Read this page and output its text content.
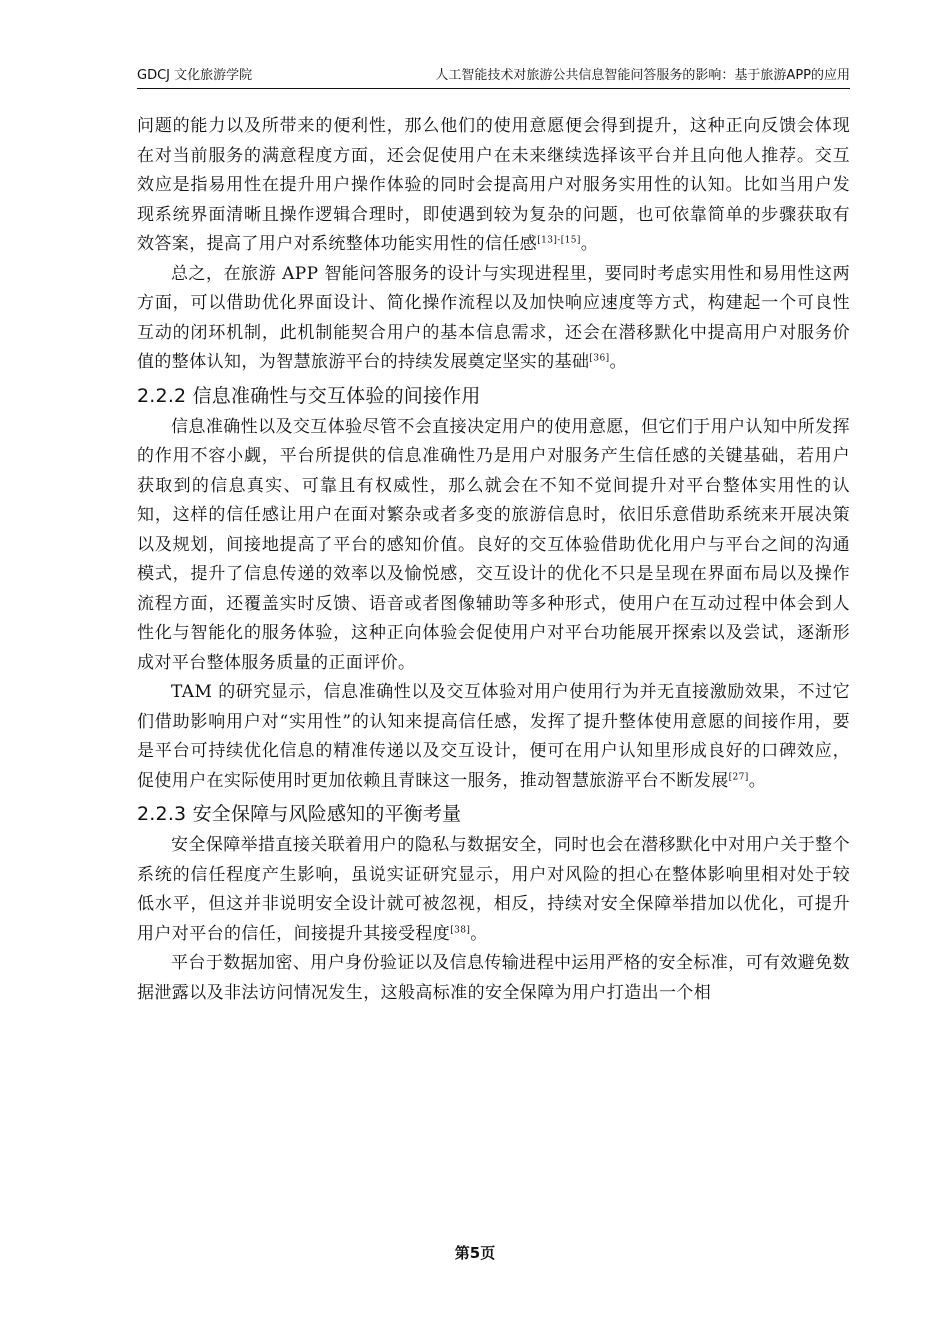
GDCJ 文化旅游学院	人工智能技术对旅游公共信息智能问答服务的影响：基于旅游APP的应用

问题的能力以及所带来的便利性，那么他们的使用意愿便会得到提升，这种正向反馈会体现在对当前服务的满意程度方面，还会促使用户在未来继续选择该平台并且向他人推荐。交互效应是指易用性在提升用户操作体验的同时会提高用户对服务实用性的认知。比如当用户发现系统界面清晰且操作逻辑合理时，即使遇到较为复杂的问题，也可依靠简单的步骤获取有效答案，提高了用户对系统整体功能实用性的信任感[13]-[15]。

总之，在旅游 APP 智能问答服务的设计与实现进程里，要同时考虑实用性和易用性这两方面，可以借助优化界面设计、简化操作流程以及加快响应速度等方式，构建起一个可良性互动的闭环机制，此机制能契合用户的基本信息需求，还会在潜移默化中提高用户对服务价值的整体认知，为智慧旅游平台的持续发展奠定坚实的基础[36]。

2.2.2 信息准确性与交互体验的间接作用

信息准确性以及交互体验尽管不会直接决定用户的使用意愿，但它们于用户认知中所发挥的作用不容小觑，平台所提供的信息准确性乃是用户对服务产生信任感的关键基础，若用户获取到的信息真实、可靠且有权威性，那么就会在不知不觉间提升对平台整体实用性的认知，这样的信任感让用户在面对繁杂或者多变的旅游信息时，依旧乐意借助系统来开展决策以及规划，间接地提高了平台的感知价值。良好的交互体验借助优化用户与平台之间的沟通模式，提升了信息传递的效率以及愉悦感，交互设计的优化不只是呈现在界面布局以及操作流程方面，还覆盖实时反馈、语音或者图像辅助等多种形式，使用户在互动过程中体会到人性化与智能化的服务体验，这种正向体验会促使用户对平台功能展开探索以及尝试，逐渐形成对平台整体服务质量的正面评价。

TAM 的研究显示，信息准确性以及交互体验对用户使用行为并无直接激励效果，不过它们借助影响用户对“实用性”的认知来提高信任感，发挥了提升整体使用意愿的间接作用，要是平台可持续优化信息的精准传递以及交互设计，便可在用户认知里形成良好的口碑效应，促使用户在实际使用时更加依赖且青睐这一服务，推动智慧旅游平台不断发展[27]。

2.2.3 安全保障与风险感知的平衡考量

安全保障举措直接关联着用户的隐私与数据安全，同时也会在潜移默化中对用户关于整个系统的信任程度产生影响，虽说实证研究显示，用户对风险的担心在整体影响里相对处于较低水平，但这并非说明安全设计就可被忽视，相反，持续对安全保障举措加以优化，可提升用户对平台的信任，间接提升其接受程度[38]。

平台于数据加密、用户身份验证以及信息传输进程中运用严格的安全标准，可有效避免数据泄露以及非法访问情况发生，这般高标准的安全保障为用户打造出一个相

第5页
